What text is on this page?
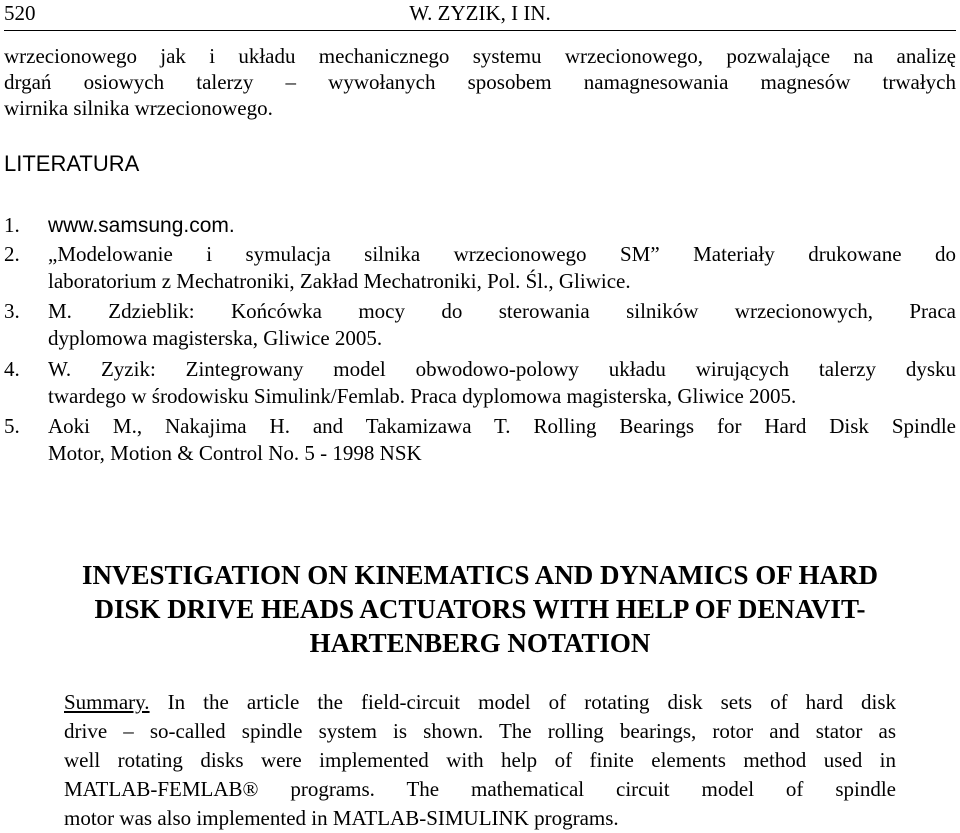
520	W. ZYZIK, I IN.
wrzecionowego jak i układu mechanicznego systemu wrzecionowego, pozwalające na analizę
drgań osiowych talerzy – wywołanych sposobem namagnesowania magnesów trwałych
wirnika silnika wrzecionowego.
LITERATURA
1. www.samsung.com.
2. „Modelowanie i symulacja silnika wrzecionowego SM” Materiały drukowane do
laboratorium z Mechatroniki, Zakład Mechatroniki, Pol. Śl., Gliwice.
3. M. Zdzieblik: Końcówka mocy do sterowania silników wrzecionowych, Praca
dyplomowa magisterska, Gliwice 2005.
4. W. Zyzik: Zintegrowany model obwodowo-polowy układu wirujących talerzy dysku
twardego w środowisku Simulink/Femlab. Praca dyplomowa magisterska, Gliwice 2005.
5. Aoki M., Nakajima H. and Takamizawa T. Rolling Bearings for Hard Disk Spindle
Motor, Motion & Control No. 5 - 1998 NSK
INVESTIGATION ON KINEMATICS AND DYNAMICS OF HARD
DISK DRIVE HEADS ACTUATORS WITH HELP OF DENAVIT-
HARTENBERG NOTATION
Summary. In the article the field-circuit model of rotating disk sets of hard disk
drive – so-called spindle system is shown. The rolling bearings, rotor and stator as
well rotating disks were implemented with help of finite elements method used in
MATLAB-FEMLAB® programs. The mathematical circuit model of spindle
motor was also implemented in MATLAB-SIMULINK programs.
